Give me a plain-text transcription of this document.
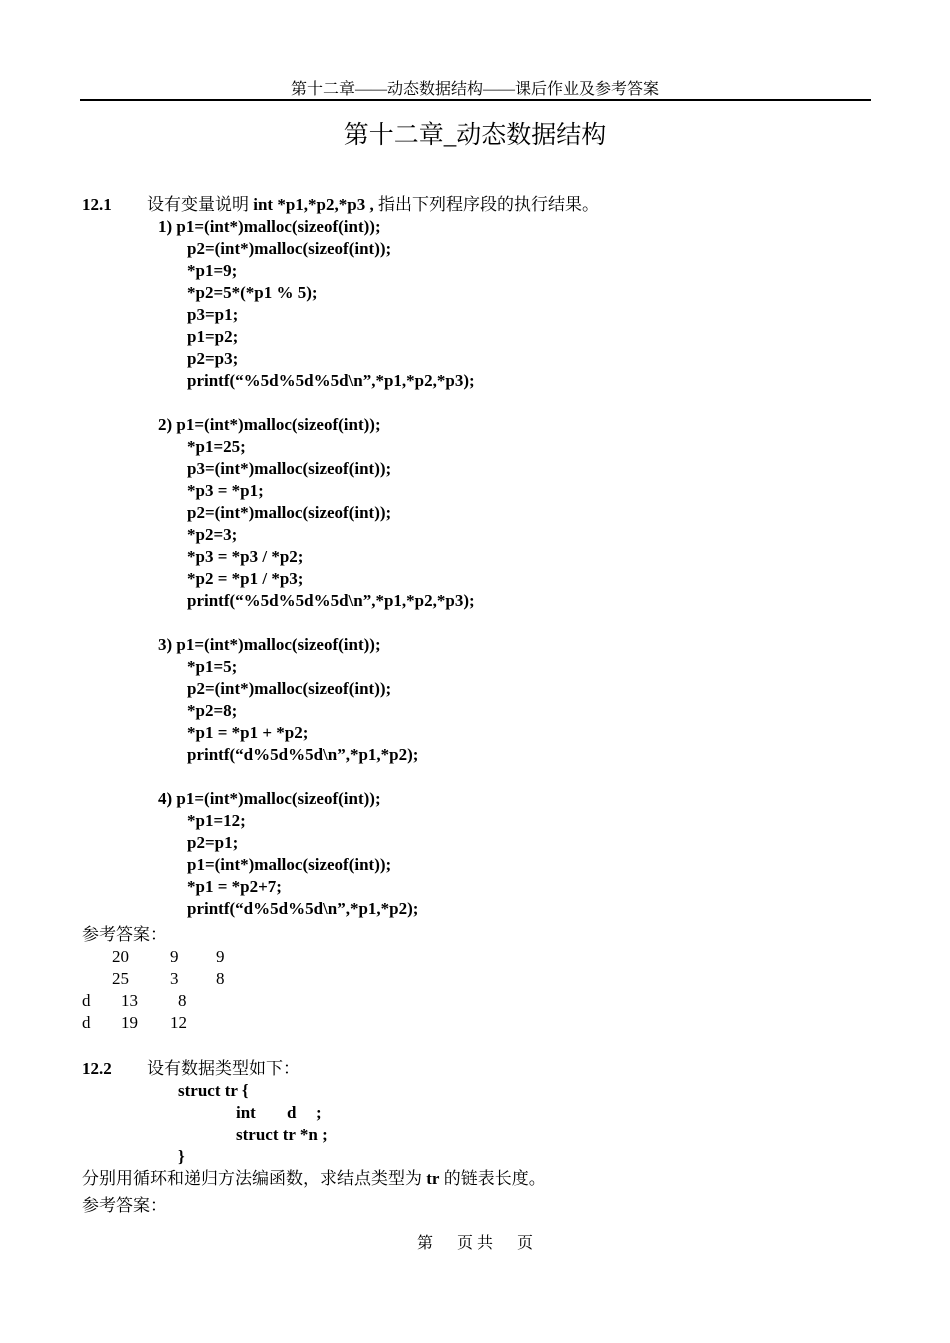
第十二章——动态数据结构——课后作业及参考答案
第十二章_动态数据结构
12.1 设有变量说明 int *p1,*p2,*p3 , 指出下列程序段的执行结果。
1) p1=(int*)malloc(sizeof(int));
p2=(int*)malloc(sizeof(int));
*p1=9;
*p2=5*(*p1 % 5);
p3=p1;
p1=p2;
p2=p3;
printf(“%5d%5d%5d\n”,*p1,*p2,*p3);
2) p1=(int*)malloc(sizeof(int));
*p1=25;
p3=(int*)malloc(sizeof(int));
*p3 = *p1;
p2=(int*)malloc(sizeof(int));
*p2=3;
*p3 = *p3 / *p2;
*p2 = *p1 / *p3;
printf(“%5d%5d%5d\n”,*p1,*p2,*p3);
3) p1=(int*)malloc(sizeof(int));
*p1=5;
p2=(int*)malloc(sizeof(int));
*p2=8;
*p1 = *p1 + *p2;
printf(“d%5d%5d\n”,*p1,*p2);
4) p1=(int*)malloc(sizeof(int));
*p1=12;
p2=p1;
p1=(int*)malloc(sizeof(int));
*p1 = *p2+7;
printf(“d%5d%5d\n”,*p1,*p2);
参考答案：
20 9 9
25 3 8
d 13 8
d 19 12
12.2 设有数据类型如下：
struct tr {
int d ;
struct tr *n ;
}
分别用循环和递归方法编函数，求结点类型为 tr 的链表长度。
参考答案：
第      页 共      页
